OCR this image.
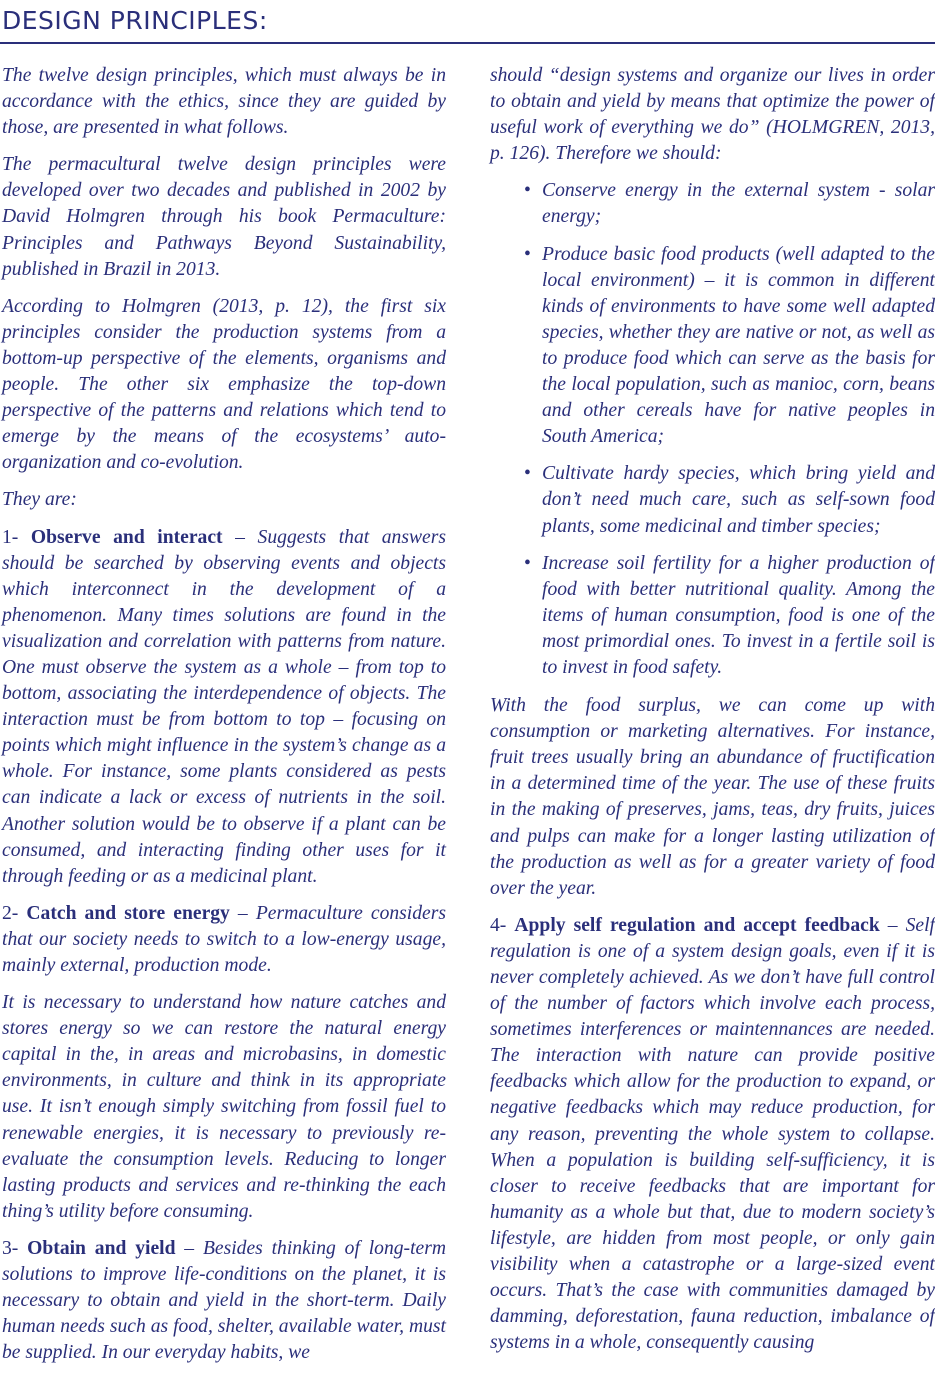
DESIGN PRINCIPLES:

The twelve design principles, which must always be in accordance with the ethics, since they are guided by those, are presented in what follows.

The permacultural twelve design principles were developed over two decades and published in 2002 by David Holmgren through his book Permaculture: Principles and Pathways Beyond Sustainability, published in Brazil in 2013.

According to Holmgren (2013, p. 12), the first six principles consider the production systems from a bottom-up perspective of the elements, organisms and people. The other six emphasize the top-down perspective of the patterns and relations which tend to emerge by the means of the ecosystems’ auto-organization and co-evolution.

They are:

1- Observe and interact – Suggests that answers should be searched by observing events and objects which interconnect in the development of a phenomenon. Many times solutions are found in the visualization and correlation with patterns from nature. One must observe the system as a whole – from top to bottom, associating the interdependence of objects. The interaction must be from bottom to top – focusing on points which might influence in the system’s change as a whole. For instance, some plants considered as pests can indicate a lack or excess of nutrients in the soil. Another solution would be to observe if a plant can be consumed, and interacting finding other uses for it through feeding or as a medicinal plant.

2- Catch and store energy – Permaculture considers that our society needs to switch to a low-energy usage, mainly external, production mode.

It is necessary to understand how nature catches and stores energy so we can restore the natural energy capital in the, in areas and microbasins, in domestic environments, in culture and think in its appropriate use. It isn’t enough simply switching from fossil fuel to renewable energies, it is necessary to previously re-evaluate the consumption levels. Reducing to longer lasting products and services and re-thinking the each thing’s utility before consuming.

3- Obtain and yield – Besides thinking of long-term solutions to improve life-conditions on the planet, it is necessary to obtain and yield in the short-term. Daily human needs such as food, shelter, available water, must be supplied. In our everyday habits, we

should “design systems and organize our lives in order to obtain and yield by means that optimize the power of useful work of everything we do” (HOLMGREN, 2013, p. 126). Therefore we should:

• Conserve energy in the external system - solar energy;
• Produce basic food products (well adapted to the local environment) – it is common in different kinds of environments to have some well adapted species, whether they are native or not, as well as to produce food which can serve as the basis for the local population, such as manioc, corn, beans and other cereals have for native peoples in South America;
• Cultivate hardy species, which bring yield and don’t need much care, such as self-sown food plants, some medicinal and timber species;
• Increase soil fertility for a higher production of food with better nutritional quality. Among the items of human consumption, food is one of the most primordial ones. To invest in a fertile soil is to invest in food safety.

With the food surplus, we can come up with consumption or marketing alternatives. For instance, fruit trees usually bring an abundance of fructification in a determined time of the year. The use of these fruits in the making of preserves, jams, teas, dry fruits, juices and pulps can make for a longer lasting utilization of the production as well as for a greater variety of food over the year.

4- Apply self regulation and accept feedback – Self regulation is one of a system design goals, even if it is never completely achieved. As we don’t have full control of the number of factors which involve each process, sometimes interferences or maintennances are needed. The interaction with nature can provide positive feedbacks which allow for the production to expand, or negative feedbacks which may reduce production, for any reason, preventing the whole system to collapse. When a population is building self-sufficiency, it is closer to receive feedbacks that are important for humanity as a whole but that, due to modern society’s lifestyle, are hidden from most people, or only gain visibility when a catastrophe or a large-sized event occurs. That’s the case with communities damaged by damming, deforestation, fauna reduction, imbalance of systems in a whole, consequently causing
